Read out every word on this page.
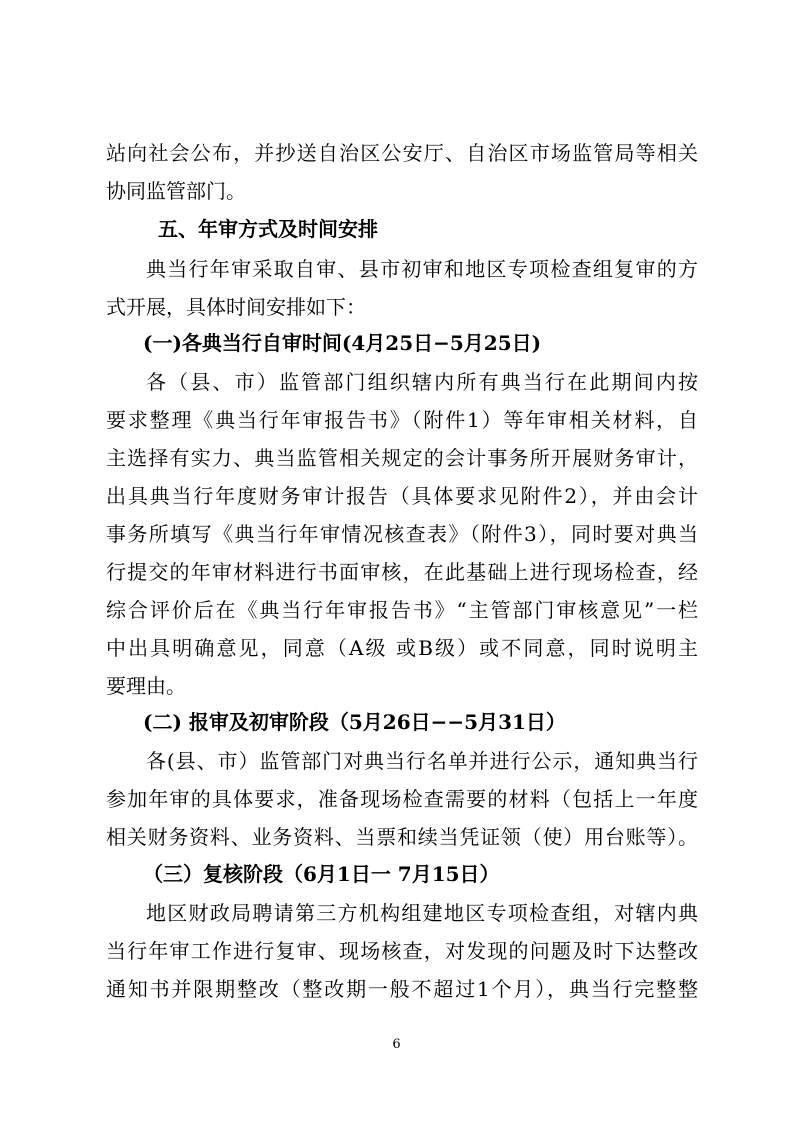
站向社会公布，并抄送自治区公安厅、自治区市场监管局等相关
协同监管部门。
五、年审方式及时间安排
典当行年审采取自审、县市初审和地区专项检查组复审的方
式开展，具体时间安排如下：
(一)各典当行自审时间(4月25日−5月25日)
各（县、市）监管部门组织辖内所有典当行在此期间内按
要求整理《典当行年审报告书》（附件1）等年审相关材料，自
主选择有实力、典当监管相关规定的会计事务所开展财务审计，
出具典当行年度财务审计报告（具体要求见附件2），并由会计
事务所填写《典当行年审情况核查表》（附件3），同时要对典当
行提交的年审材料进行书面审核，在此基础上进行现场检查，经
综合评价后在《典当行年审报告书》“主管部门审核意见”一栏
中出具明确意见，同意（A级 或B级）或不同意，同时说明主
要理由。
(二) 报审及初审阶段（5月26日−−5月31日）
各(县、市）监管部门对典当行名单并进行公示，通知典当行
参加年审的具体要求，准备现场检查需要的材料（包括上一年度
相关财务资料、业务资料、当票和续当凭证领（使）用台账等）。
（三）复核阶段（6月1日一 7月15日）
地区财政局聘请第三方机构组建地区专项检查组，对辖内典
当行年审工作进行复审、现场核查，对发现的问题及时下达整改
通知书并限期整改（整改期一般不超过1个月），典当行完整整
6
